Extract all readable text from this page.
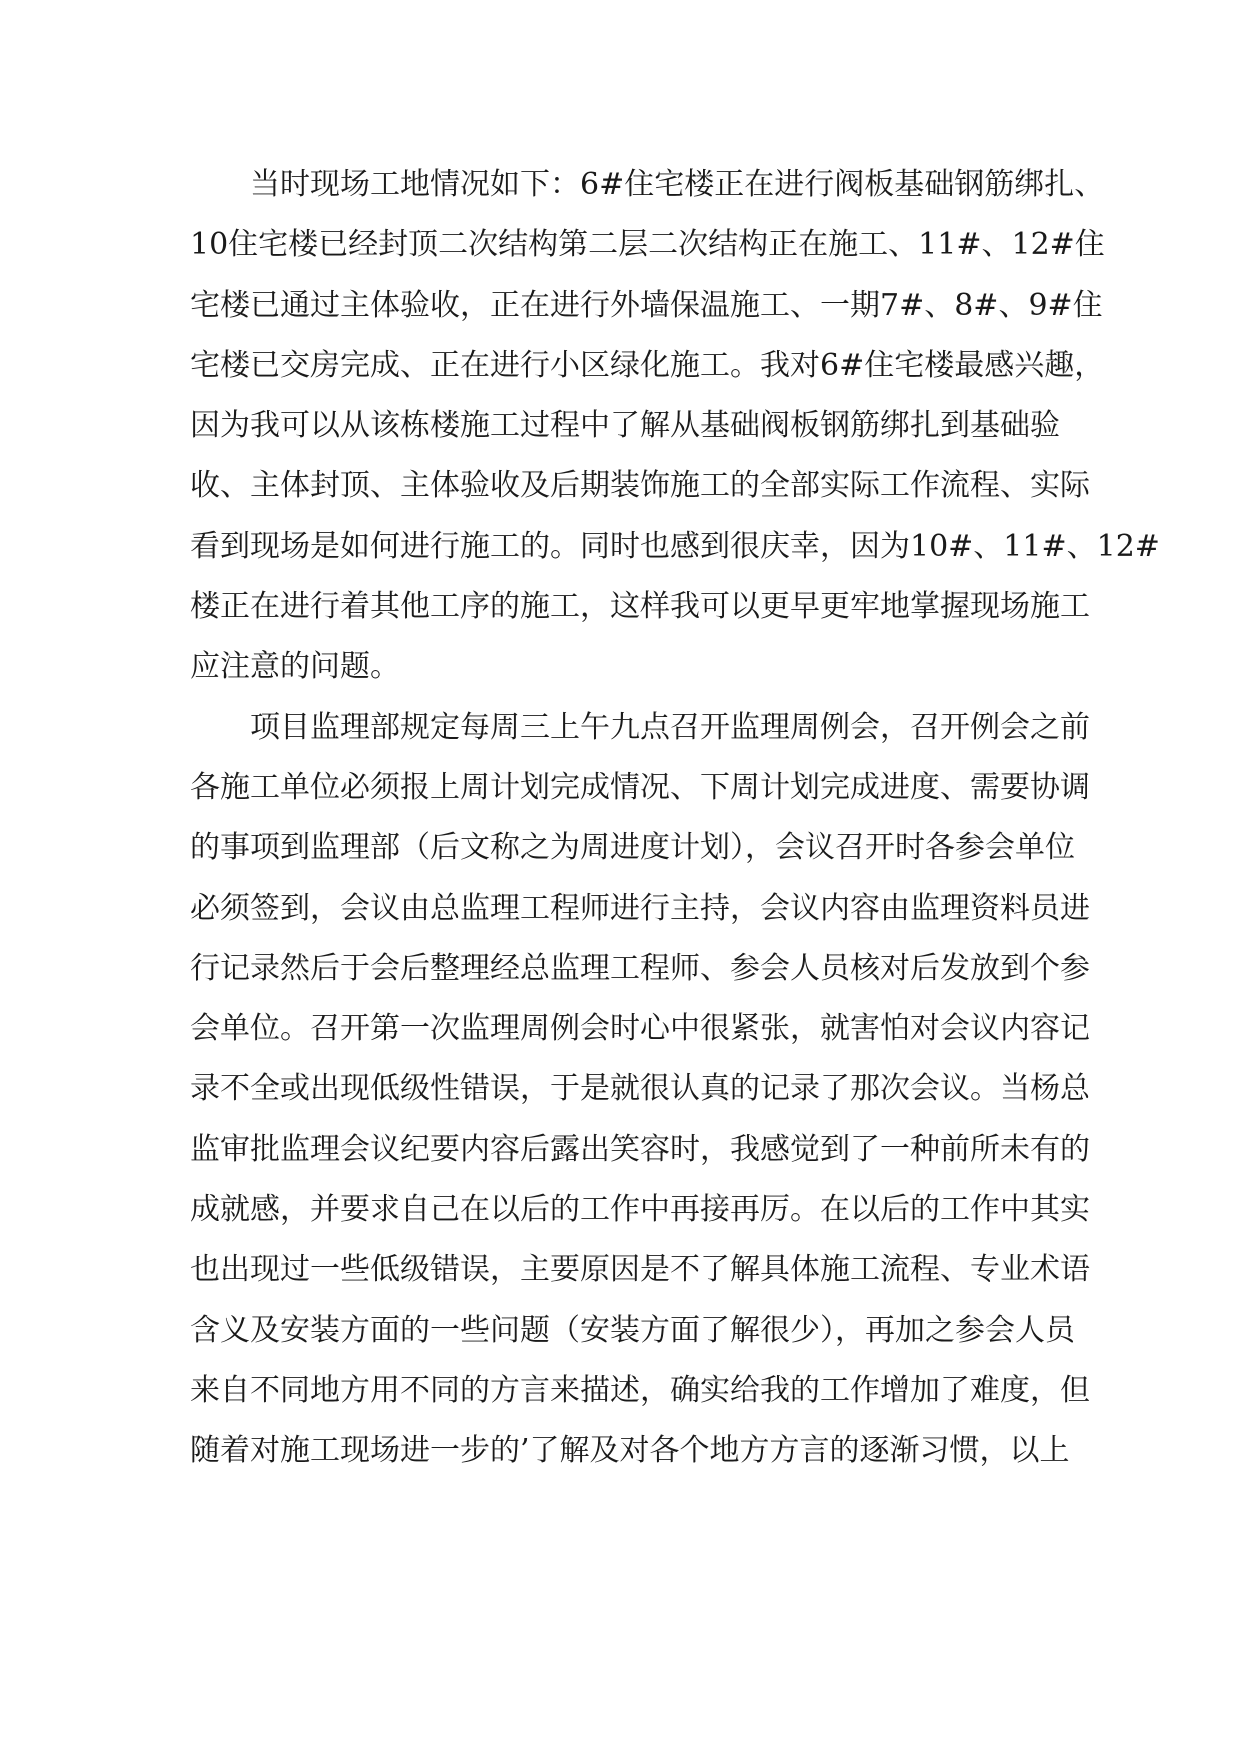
当时现场工地情况如下：6#住宅楼正在进行阀板基础钢筋绑扎、
10住宅楼已经封顶二次结构第二层二次结构正在施工、11#、12#住
宅楼已通过主体验收，正在进行外墙保温施工、一期7#、8#、9#住
宅楼已交房完成、正在进行小区绿化施工。我对6#住宅楼最感兴趣，
因为我可以从该栋楼施工过程中了解从基础阀板钢筋绑扎到基础验
收、主体封顶、主体验收及后期装饰施工的全部实际工作流程、实际
看到现场是如何进行施工的。同时也感到很庆幸，因为10#、11#、12#
楼正在进行着其他工序的施工，这样我可以更早更牢地掌握现场施工
应注意的问题。
项目监理部规定每周三上午九点召开监理周例会，召开例会之前
各施工单位必须报上周计划完成情况、下周计划完成进度、需要协调
的事项到监理部（后文称之为周进度计划），会议召开时各参会单位
必须签到，会议由总监理工程师进行主持，会议内容由监理资料员进
行记录然后于会后整理经总监理工程师、参会人员核对后发放到个参
会单位。召开第一次监理周例会时心中很紧张，就害怕对会议内容记
录不全或出现低级性错误，于是就很认真的记录了那次会议。当杨总
监审批监理会议纪要内容后露出笑容时，我感觉到了一种前所未有的
成就感，并要求自己在以后的工作中再接再厉。在以后的工作中其实
也出现过一些低级错误，主要原因是不了解具体施工流程、专业术语
含义及安装方面的一些问题（安装方面了解很少），再加之参会人员
来自不同地方用不同的方言来描述，确实给我的工作增加了难度，但
随着对施工现场进一步的’了解及对各个地方方言的逐渐习惯，以上
